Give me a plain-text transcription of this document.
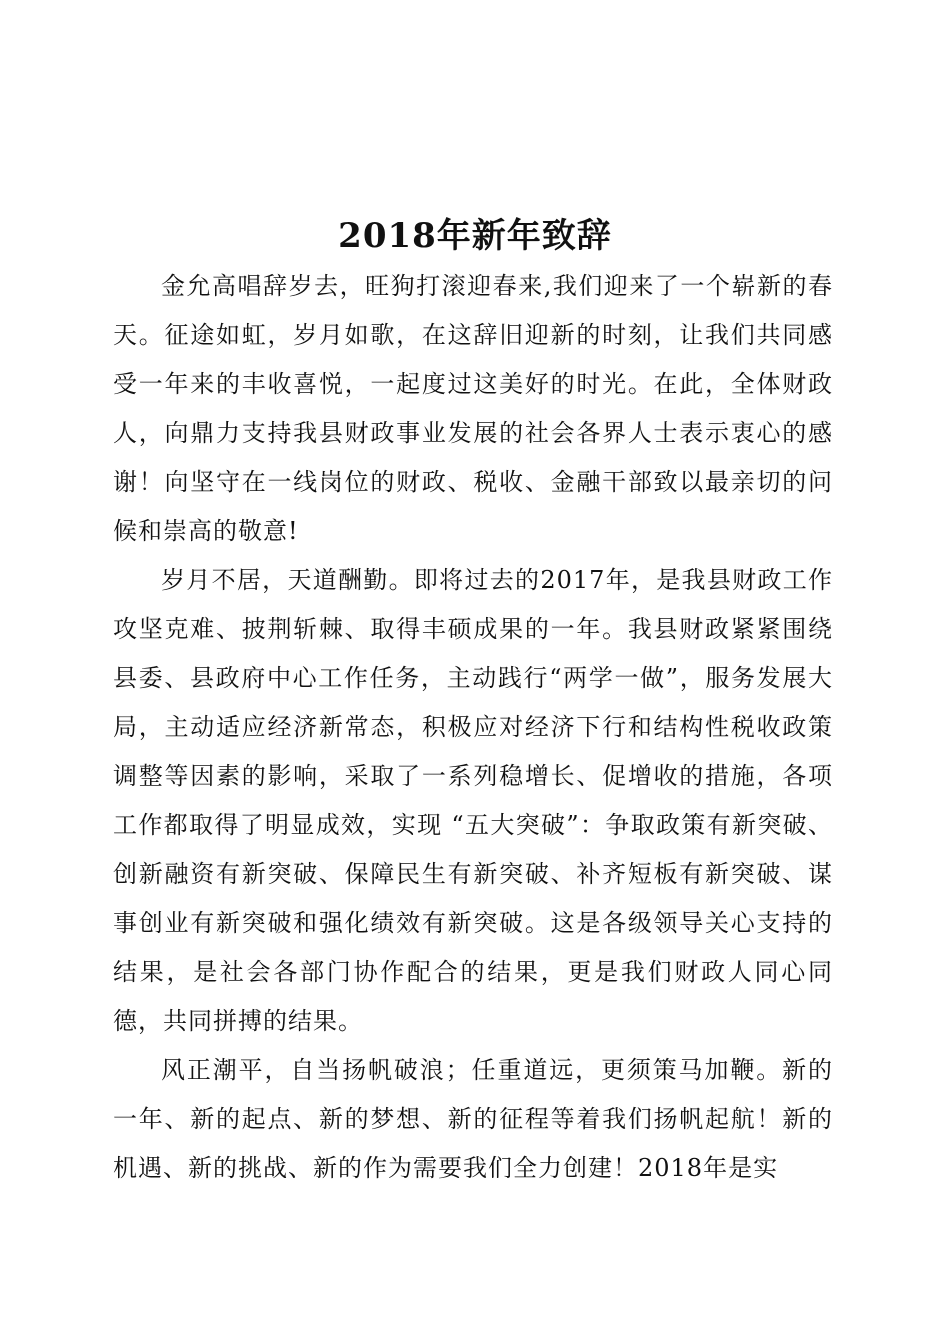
2018年新年致辞

金允高唱辞岁去，旺狗打滚迎春来,我们迎来了一个崭新的春天。征途如虹，岁月如歌，在这辞旧迎新的时刻，让我们共同感受一年来的丰收喜悦，一起度过这美好的时光。在此，全体财政人，向鼎力支持我县财政事业发展的社会各界人士表示衷心的感谢！向坚守在一线岗位的财政、税收、金融干部致以最亲切的问候和崇高的敬意!

岁月不居，天道酬勤。即将过去的2017年，是我县财政工作攻坚克难、披荆斩棘、取得丰硕成果的一年。我县财政紧紧围绕县委、县政府中心工作任务，主动践行“两学一做”，服务发展大局，主动适应经济新常态，积极应对经济下行和结构性税收政策调整等因素的影响，采取了一系列稳增长、促增收的措施，各项工作都取得了明显成效，实现 “五大突破”：争取政策有新突破、创新融资有新突破、保障民生有新突破、补齐短板有新突破、谋事创业有新突破和强化绩效有新突破。这是各级领导关心支持的结果，是社会各部门协作配合的结果，更是我们财政人同心同德，共同拼搏的结果。

风正潮平，自当扬帆破浪；任重道远，更须策马加鞭。新的一年、新的起点、新的梦想、新的征程等着我们扬帆起航！新的机遇、新的挑战、新的作为需要我们全力创建！2018年是实
